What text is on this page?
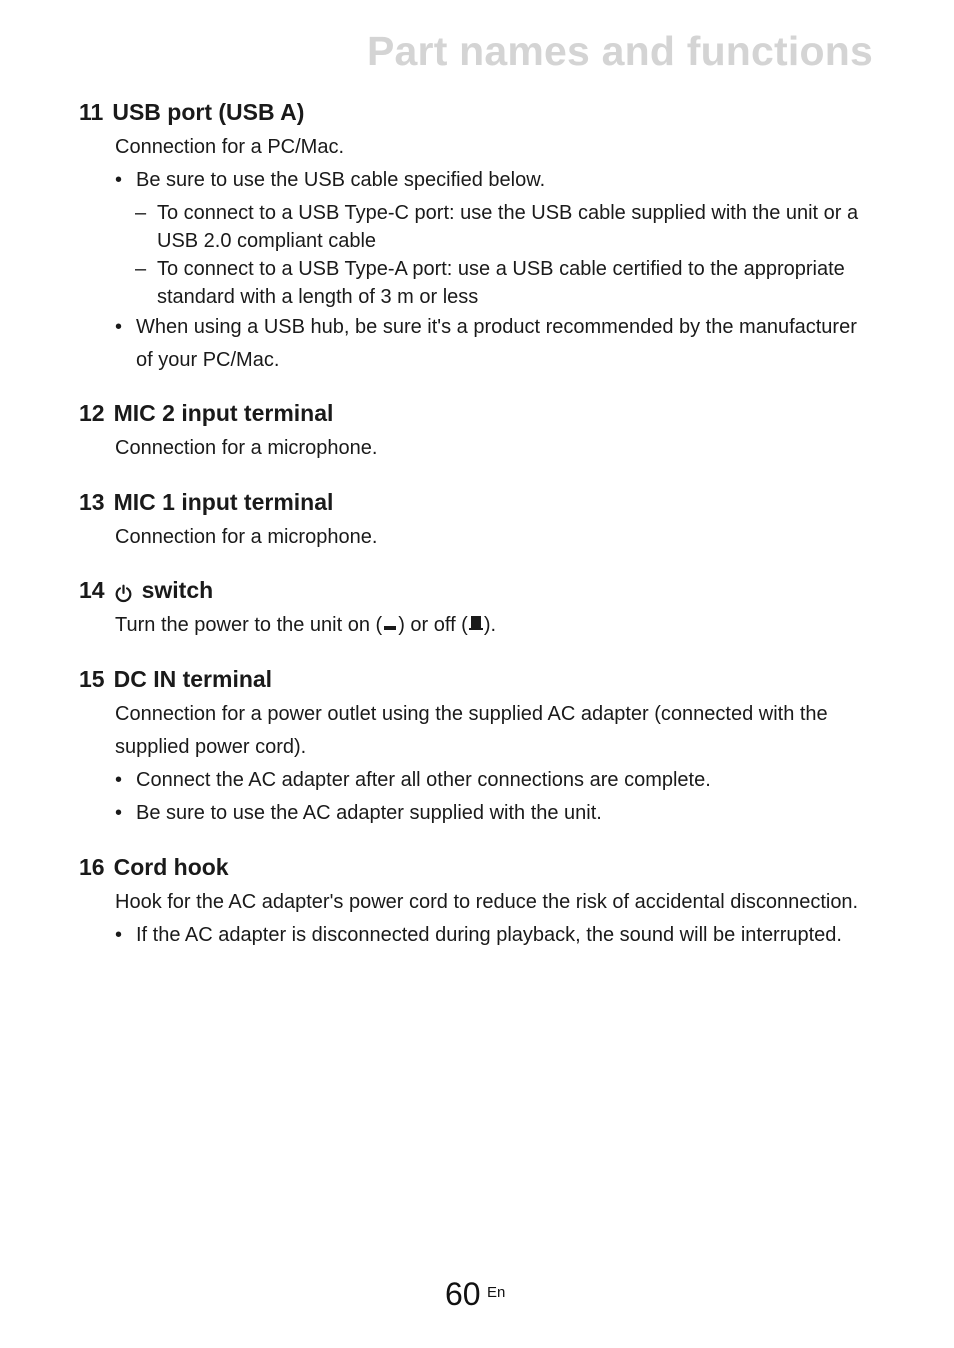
Part names and functions
11 USB port (USB A)
Connection for a PC/Mac.
• Be sure to use the USB cable specified below.
– To connect to a USB Type-C port: use the USB cable supplied with the unit or a USB 2.0 compliant cable
– To connect to a USB Type-A port: use a USB cable certified to the appropriate standard with a length of 3 m or less
• When using a USB hub, be sure it's a product recommended by the manufacturer of your PC/Mac.
12 MIC 2 input terminal
Connection for a microphone.
13 MIC 1 input terminal
Connection for a microphone.
14 switch
Turn the power to the unit on ( ) or off ( ).
15 DC IN terminal
Connection for a power outlet using the supplied AC adapter (connected with the supplied power cord).
• Connect the AC adapter after all other connections are complete.
• Be sure to use the AC adapter supplied with the unit.
16 Cord hook
Hook for the AC adapter's power cord to reduce the risk of accidental disconnection.
• If the AC adapter is disconnected during playback, the sound will be interrupted.
60 En
